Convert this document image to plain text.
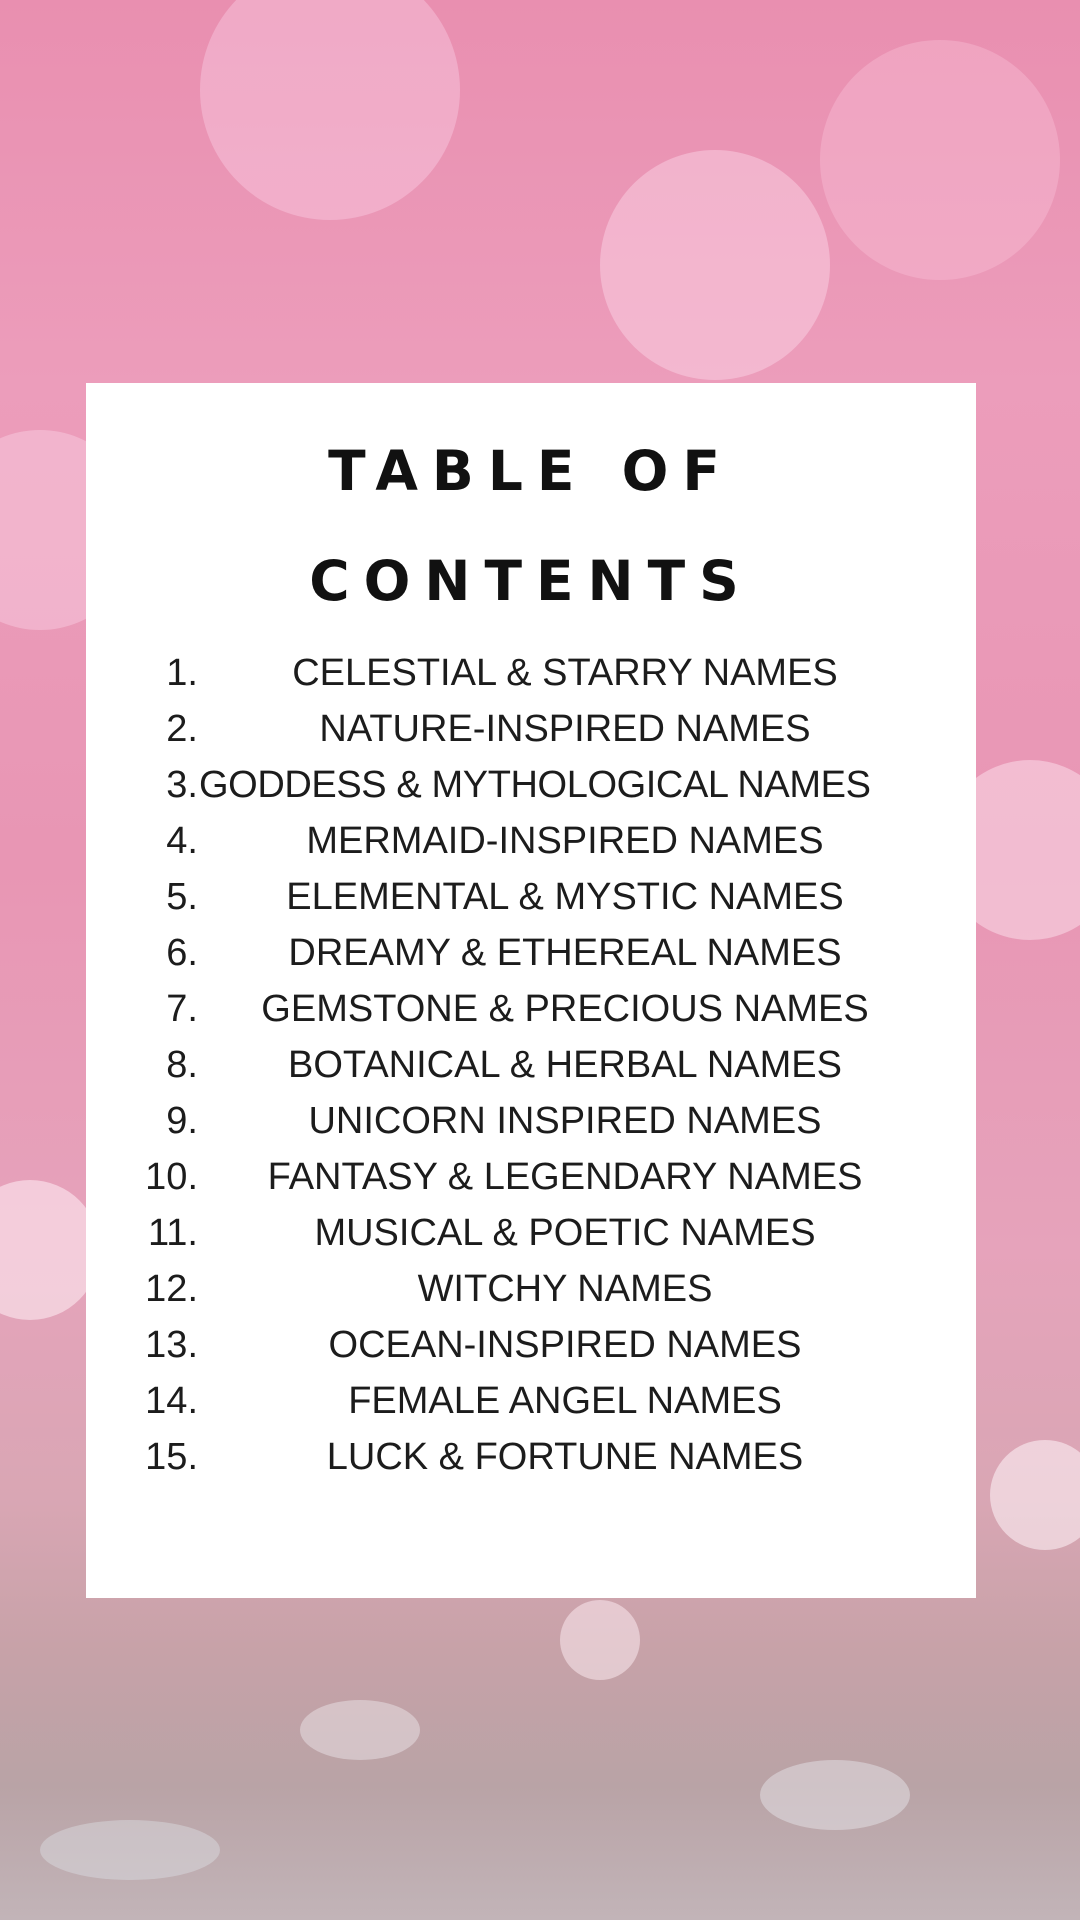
TABLE OF
CONTENTS
1. CELESTIAL & STARRY NAMES
2.	NATURE-INSPIRED NAMES
3. GODDESS & MYTHOLOGICAL NAMES
4.	MERMAID-INSPIRED NAMES
5. ELEMENTAL & MYSTIC NAMES
6. DREAMY & ETHEREAL NAMES
7. GEMSTONE & PRECIOUS NAMES
8. BOTANICAL & HERBAL NAMES
9.	UNICORN INSPIRED NAMES
10. FANTASY & LEGENDARY NAMES
11.	MUSICAL & POETIC NAMES
12.	WITCHY NAMES
13.	OCEAN-INSPIRED NAMES
14.	FEMALE ANGEL NAMES
15.	LUCK & FORTUNE NAMES
